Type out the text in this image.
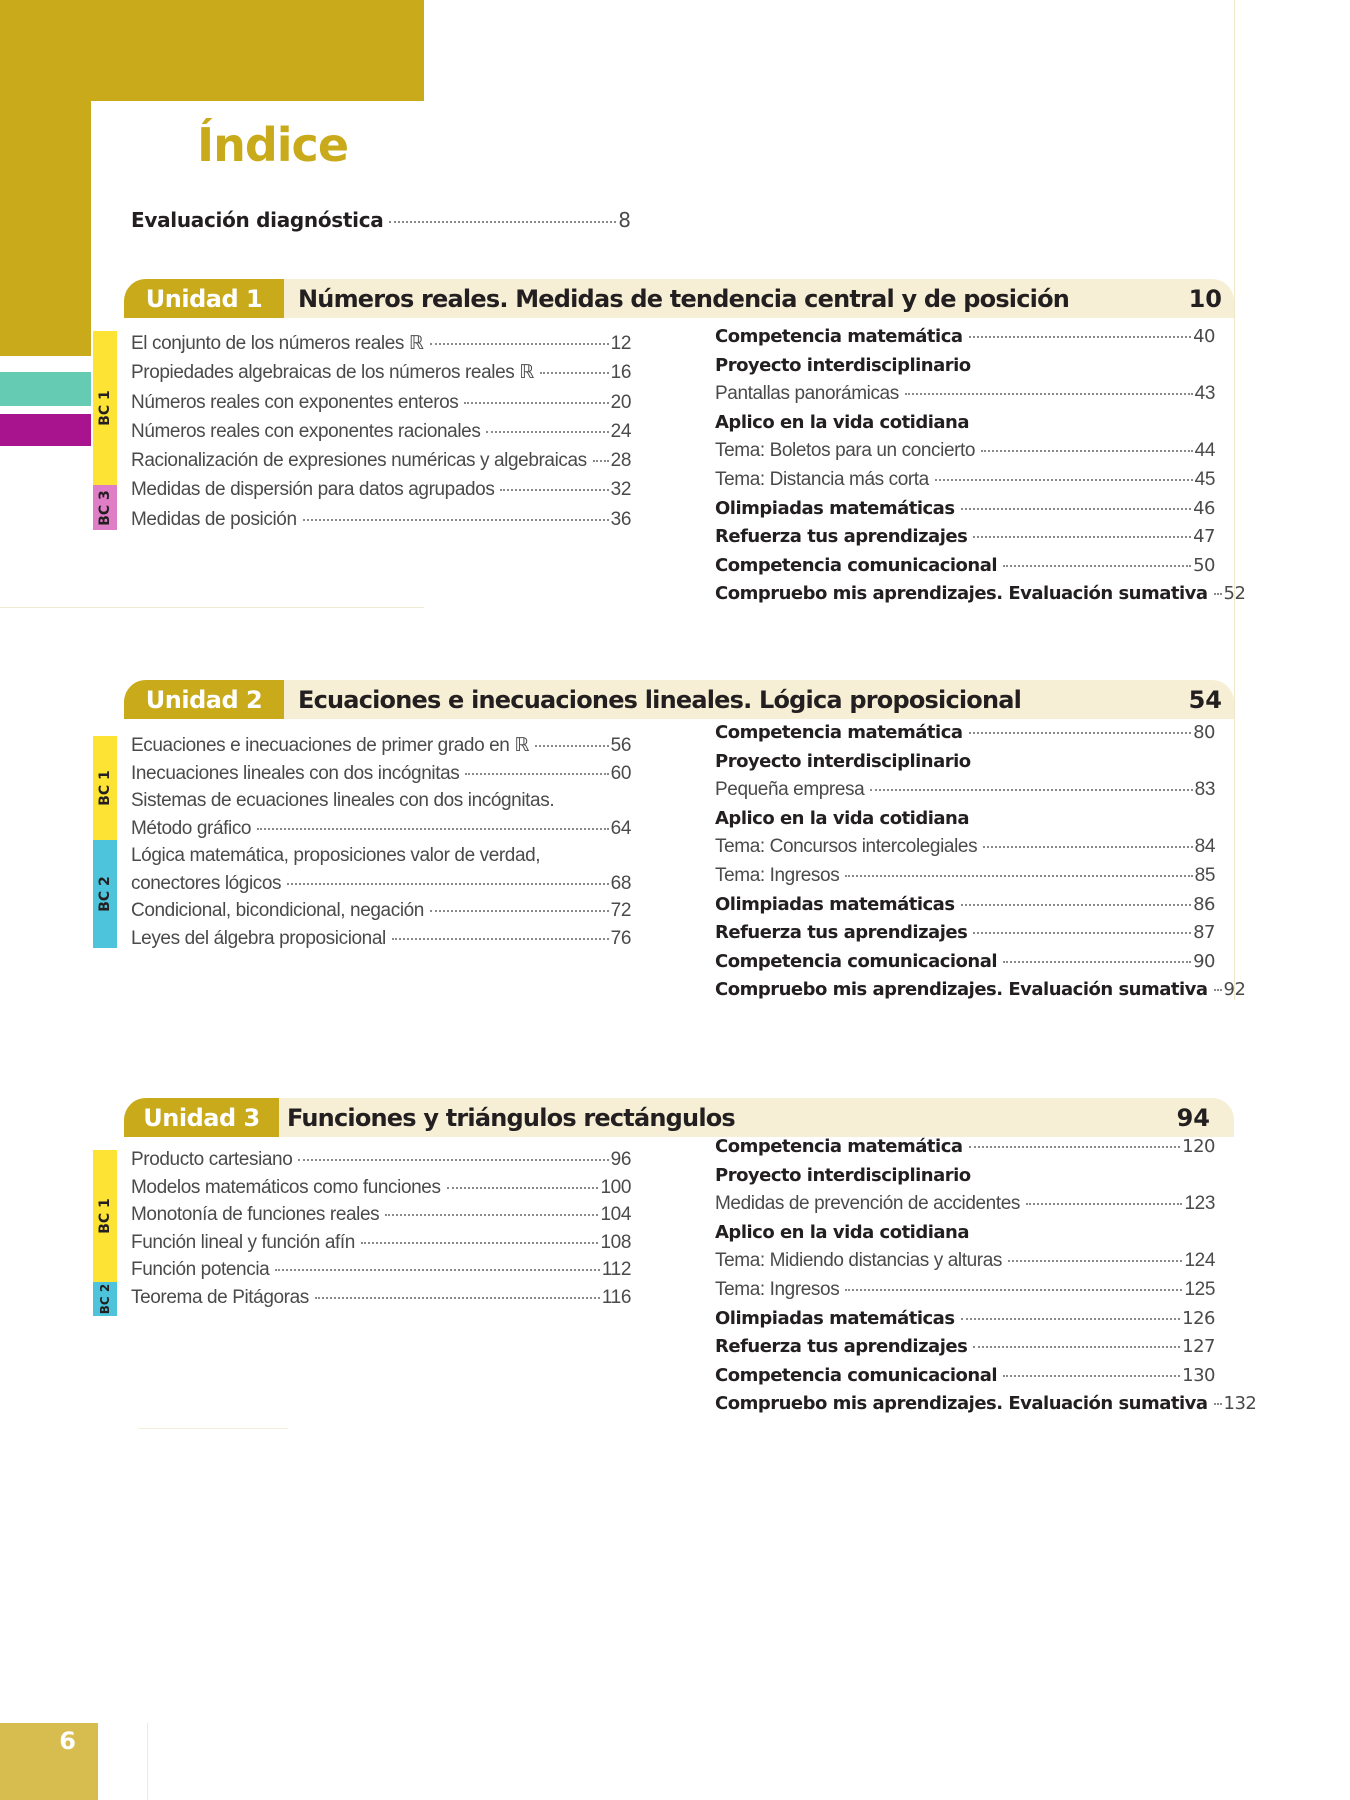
Índice
Evaluación diagnóstica	8
Unidad 1	Números reales. Medidas de tendencia central y de posición	10
BC 1
BC 3
El conjunto de los números reales ℝ	12
Propiedades algebraicas de los números reales ℝ	16
Números reales con exponentes enteros	20
Números reales con exponentes racionales	24
Racionalización de expresiones numéricas y algebraicas 28
Medidas de dispersión para datos agrupados	32
Medidas de posición	36
Competencia matemática	40
Proyecto interdisciplinario
Pantallas panorámicas	43
Aplico en la vida cotidiana
Tema: Boletos para un concierto	44
Tema: Distancia más corta	45
Olimpiadas matemáticas	46
Refuerza tus aprendizajes	47
Competencia comunicacional	50
Compruebo mis aprendizajes. Evaluación sumativa 52
Unidad 2	Ecuaciones e inecuaciones lineales. Lógica proposicional	54
BC 1
BC 2
Ecuaciones e inecuaciones de primer grado en ℝ	56
Inecuaciones lineales con dos incógnitas	60
Sistemas de ecuaciones lineales con dos incógnitas.
Método gráfico	64
Lógica matemática, proposiciones valor de verdad,
conectores lógicos	68
Condicional, bicondicional, negación	72
Leyes del álgebra proposicional	76
Competencia matemática	80
Proyecto interdisciplinario
Pequeña empresa	83
Aplico en la vida cotidiana
Tema: Concursos intercolegiales	84
Tema: Ingresos	85
Olimpiadas matemáticas	86
Refuerza tus aprendizajes	87
Competencia comunicacional	90
Compruebo mis aprendizajes. Evaluación sumativa 92
Unidad 3	Funciones y triángulos rectángulos	94
BC 1
BC 2
Producto cartesiano	96
Modelos matemáticos como funciones	100
Monotonía de funciones reales	104
Función lineal y función afín	108
Función potencia	112
Teorema de Pitágoras	116
Competencia matemática	120
Proyecto interdisciplinario
Medidas de prevención de accidentes	123
Aplico en la vida cotidiana
Tema: Midiendo distancias y alturas	124
Tema: Ingresos	125
Olimpiadas matemáticas	126
Refuerza tus aprendizajes	127
Competencia comunicacional	130
Compruebo mis aprendizajes. Evaluación sumativa 132
6
